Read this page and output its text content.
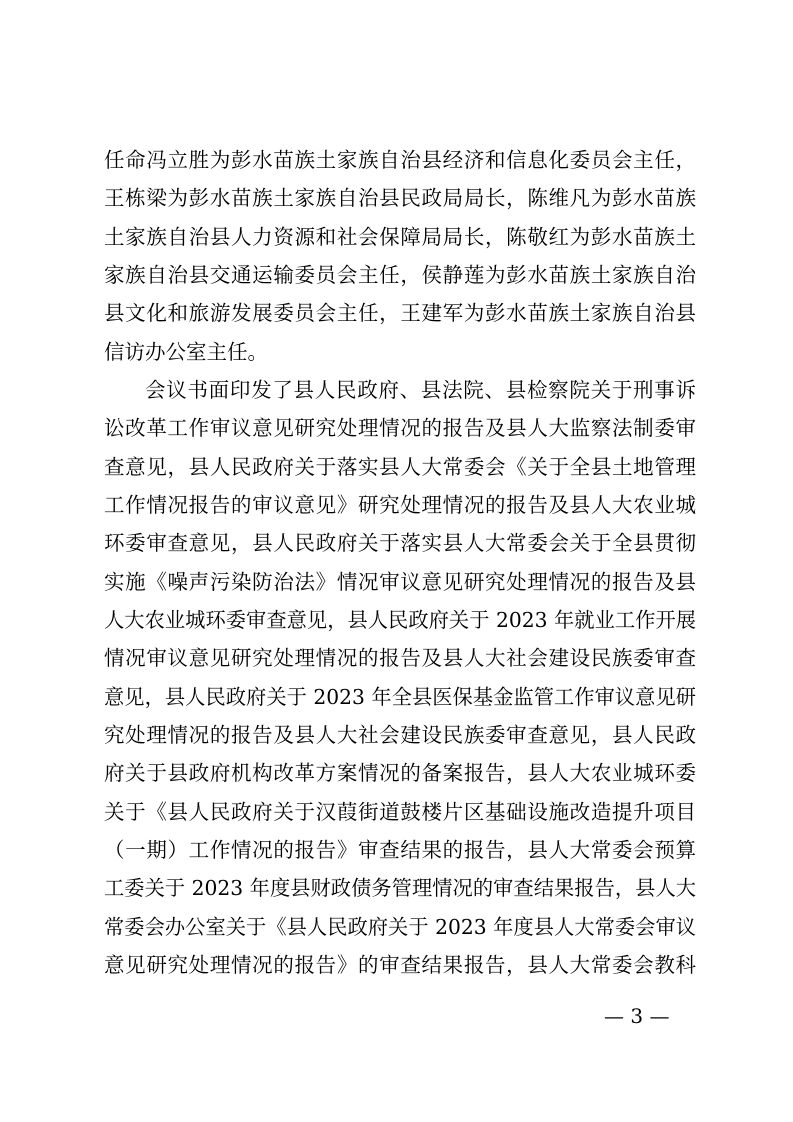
任命冯立胜为彭水苗族土家族自治县经济和信息化委员会主任，
王栋梁为彭水苗族土家族自治县民政局局长，陈维凡为彭水苗族
土家族自治县人力资源和社会保障局局长，陈敬红为彭水苗族土
家族自治县交通运输委员会主任，侯静莲为彭水苗族土家族自治
县文化和旅游发展委员会主任，王建军为彭水苗族土家族自治县
信访办公室主任。
会议书面印发了县人民政府、县法院、县检察院关于刑事诉
讼改革工作审议意见研究处理情况的报告及县人大监察法制委审
查意见，县人民政府关于落实县人大常委会《关于全县土地管理
工作情况报告的审议意见》研究处理情况的报告及县人大农业城
环委审查意见，县人民政府关于落实县人大常委会关于全县贯彻
实施《噪声污染防治法》情况审议意见研究处理情况的报告及县
人大农业城环委审查意见，县人民政府关于 2023 年就业工作开展
情况审议意见研究处理情况的报告及县人大社会建设民族委审查
意见，县人民政府关于 2023 年全县医保基金监管工作审议意见研
究处理情况的报告及县人大社会建设民族委审查意见，县人民政
府关于县政府机构改革方案情况的备案报告，县人大农业城环委
关于《县人民政府关于汉葭街道鼓楼片区基础设施改造提升项目
（一期）工作情况的报告》审查结果的报告，县人大常委会预算
工委关于 2023 年度县财政债务管理情况的审查结果报告，县人大
常委会办公室关于《县人民政府关于 2023 年度县人大常委会审议
意见研究处理情况的报告》的审查结果报告，县人大常委会教科
— 3 —
